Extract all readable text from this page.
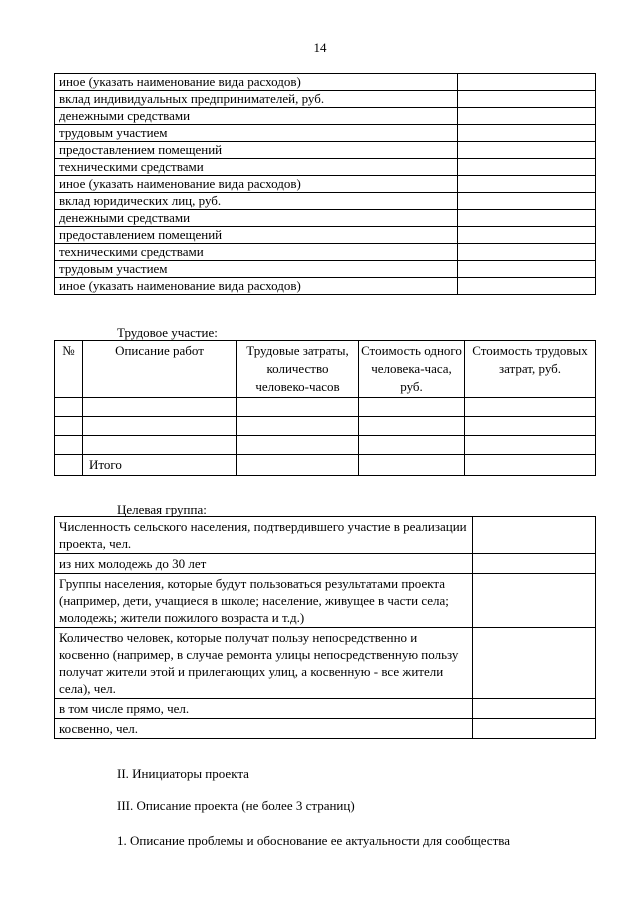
14
иное (указать наименование вида расходов)	
вклад индивидуальных предпринимателей, руб.	
денежными средствами	
трудовым участием	
предоставлением помещений	
техническими средствами	
иное (указать наименование вида расходов)	
вклад юридических лиц, руб.	
денежными средствами	
предоставлением помещений	
техническими средствами	
трудовым участием	
иное (указать наименование вида расходов)	
Трудовое участие:
№	Описание работ	Трудовые затраты, количество человеко-часов	Стоимость одного человека-часа, руб.	Стоимость трудовых затрат, руб.

	Итого			
Целевая группа:
Численность сельского населения, подтвердившего участие в реализации проекта, чел.	
из них молодежь до 30 лет	
Группы населения, которые будут пользоваться результатами проекта (например, дети, учащиеся в школе; население, живущее в части села; молодежь; жители пожилого возраста и т.д.)	
Количество человек, которые получат пользу непосредственно и косвенно (например, в случае ремонта улицы непосредственную пользу получат жители этой и прилегающих улиц, а косвенную - все жители села), чел.	
в том числе прямо, чел.	
косвенно, чел.	
II. Инициаторы проекта
III. Описание проекта (не более 3 страниц)
1. Описание проблемы и обоснование ее актуальности для сообщества
